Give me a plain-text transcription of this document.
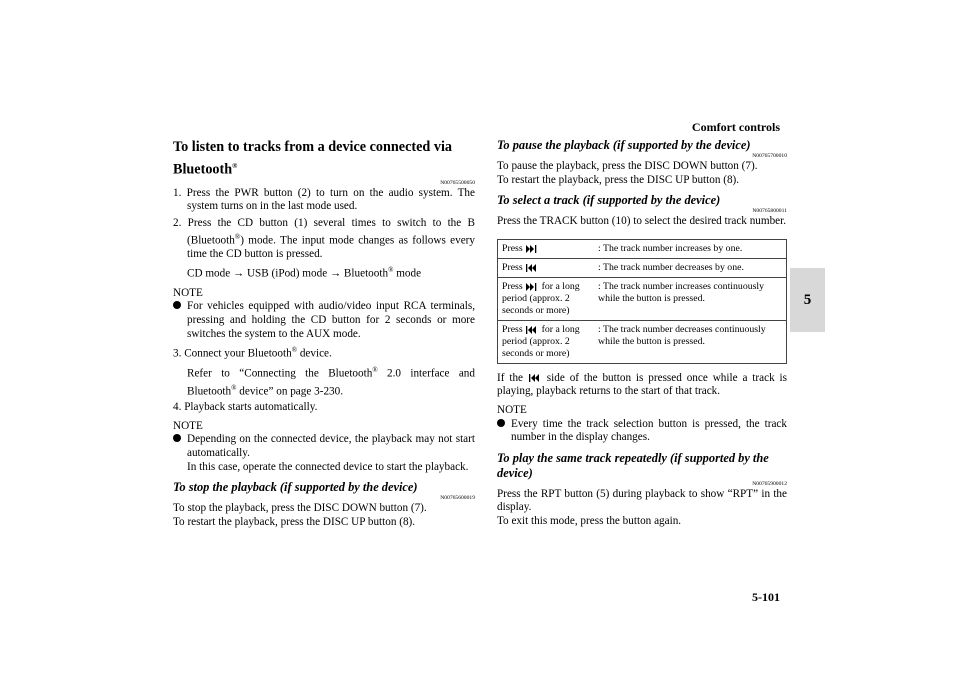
Comfort controls
5-101
5
To listen to tracks from a device connected via Bluetooth®
N00765500050

1. Press the PWR button (2) to turn on the audio system. The system turns on in the last mode used.

2. Press the CD button (1) several times to switch to the B (Bluetooth®) mode. The input mode changes as follows every time the CD button is pressed.

CD mode → USB (iPod) mode → Bluetooth® mode

NOTE

For vehicles equipped with audio/video input RCA terminals, pressing and holding the CD button for 2 seconds or more switches the system to the AUX mode.

3. Connect your Bluetooth® device.

Refer to “Connecting the Bluetooth® 2.0 interface and Bluetooth® device” on page 3-230.

4. Playback starts automatically.

NOTE

Depending on the connected device, the playback may not start automatically.

In this case, operate the connected device to start the playback.

To stop the playback (if supported by the device)
N00765600019

To stop the playback, press the DISC DOWN button (7).

To restart the playback, press the DISC UP button (8).

To pause the playback (if supported by the device)
N00765700010

To pause the playback, press the DISC DOWN button (7).

To restart the playback, press the DISC UP button (8).

To select a track (if supported by the device)
N00765800011

Press the TRACK button (10) to select the desired track number.

Press	: The track number increases by one.
Press	: The track number decreases by one.
Press  for a long period (approx. 2 seconds or more)	: The track number increases continuously while the button is pressed.
Press  for a long period (approx. 2 seconds or more)	: The track number decreases continuously while the button is pressed.

If the side of the button is pressed once while a track is playing, playback returns to the start of that track.

NOTE

Every time the track selection button is pressed, the track number in the display changes.

To play the same track repeatedly (if supported by the device)
N00765900012

Press the RPT button (5) during playback to show “RPT” in the display.

To exit this mode, press the button again.
